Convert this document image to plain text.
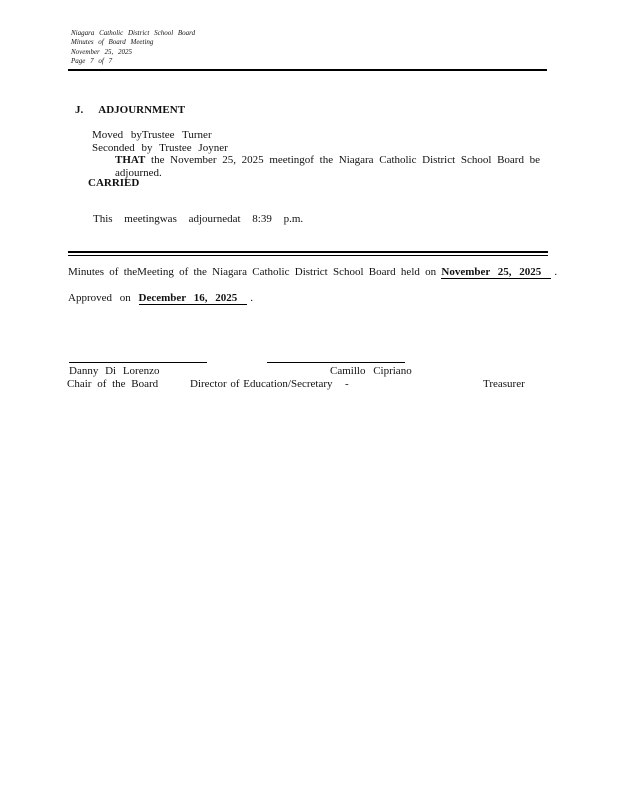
Niagara Catholic District School Board
Minutes of Board Meeting
November 25, 2025
Page 7 of 7
J. ADJOURNMENT
Moved byTrustee Turner
Seconded by Trustee Joyner
THAT the November 25, 2025 meetingof the Niagara Catholic District School Board be
adjourned.
CARRIED
This meetingwas adjournedat 8:39 p.m.
Minutes of theMeeting of the Niagara Catholic District School Board held on November 25, 2025 .
Approved on December 16, 2025 .
Danny Di Lorenzo	Camillo Cipriano
Chair of the Board	Director of Education/Secretary -	Treasurer
